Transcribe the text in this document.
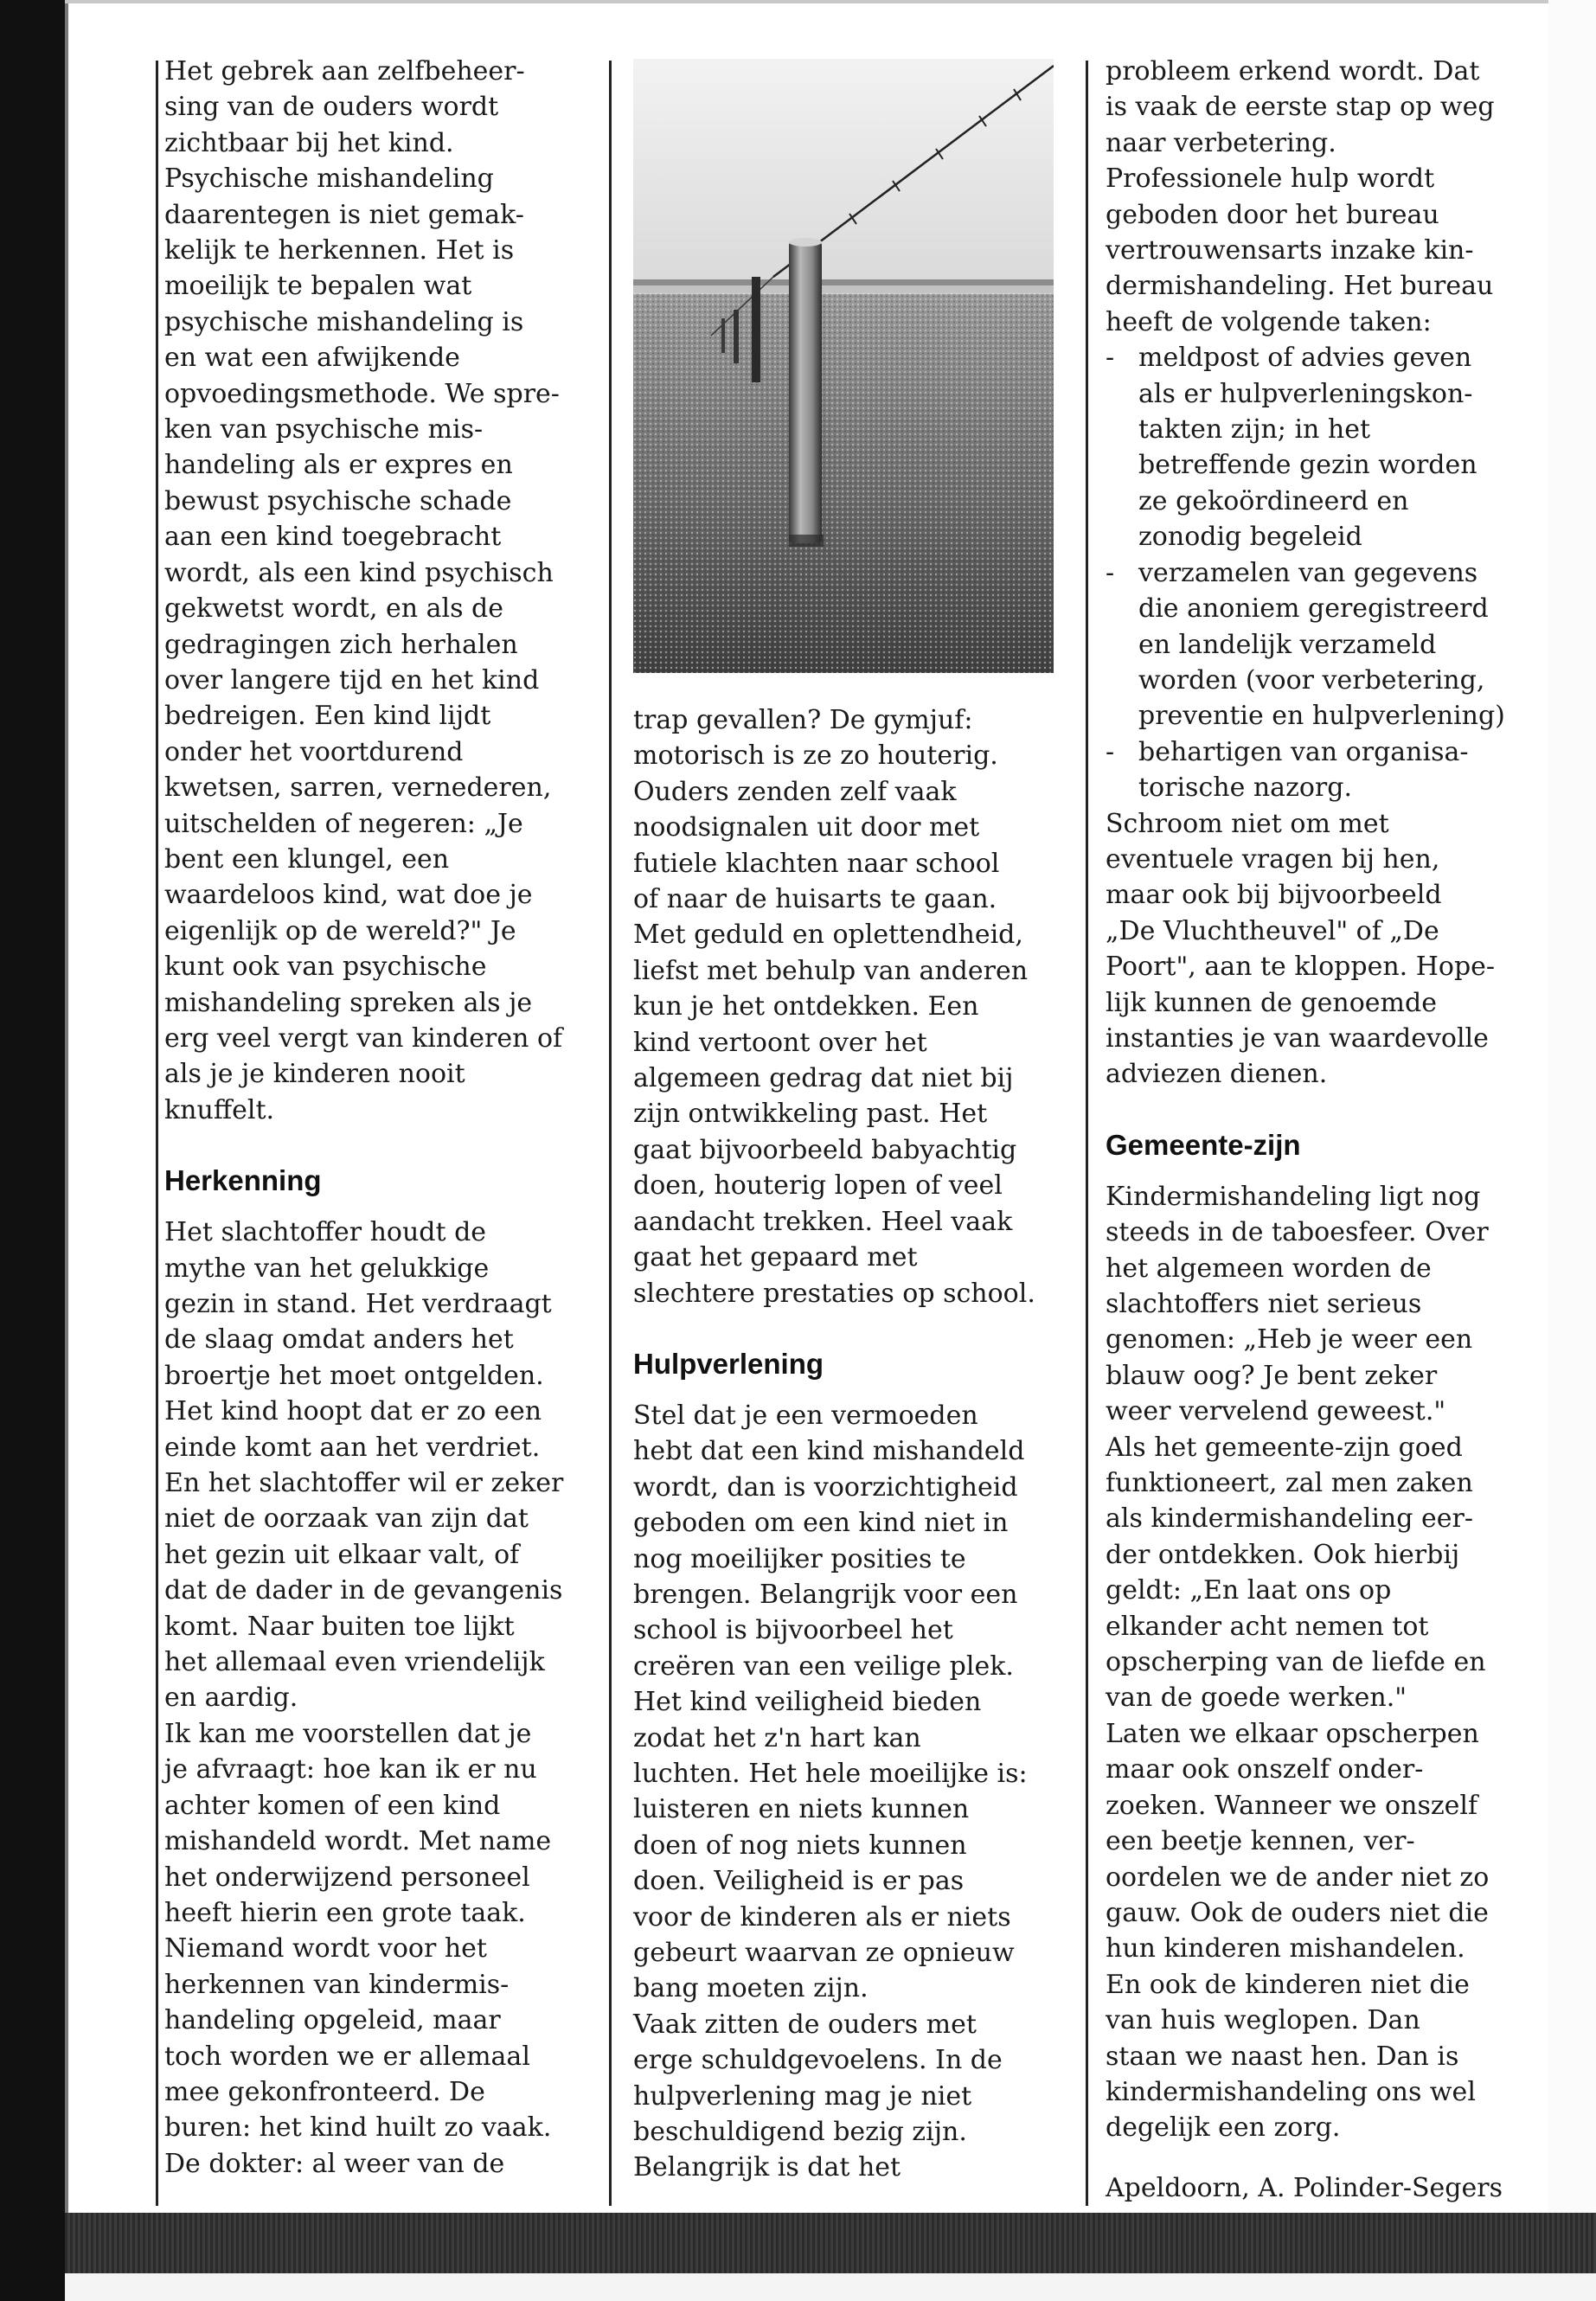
Het gebrek aan zelfbeheer-
sing van de ouders wordt
zichtbaar bij het kind.
Psychische mishandeling
daarentegen is niet gemak-
kelijk te herkennen. Het is
moeilijk te bepalen wat
psychische mishandeling is
en wat een afwijkende
opvoedingsmethode. We spre-
ken van psychische mis-
handeling als er expres en
bewust psychische schade
aan een kind toegebracht
wordt, als een kind psychisch
gekwetst wordt, en als de
gedragingen zich herhalen
over langere tijd en het kind
bedreigen. Een kind lijdt
onder het voortdurend
kwetsen, sarren, vernederen,
uitschelden of negeren: „Je
bent een klungel, een
waardeloos kind, wat doe je
eigenlijk op de wereld?" Je
kunt ook van psychische
mishandeling spreken als je
erg veel vergt van kinderen of
als je je kinderen nooit
knuffelt.

Herkenning

Het slachtoffer houdt de
mythe van het gelukkige
gezin in stand. Het verdraagt
de slaag omdat anders het
broertje het moet ontgelden.
Het kind hoopt dat er zo een
einde komt aan het verdriet.
En het slachtoffer wil er zeker
niet de oorzaak van zijn dat
het gezin uit elkaar valt, of
dat de dader in de gevangenis
komt. Naar buiten toe lijkt
het allemaal even vriendelijk
en aardig.

Ik kan me voorstellen dat je
je afvraagt: hoe kan ik er nu
achter komen of een kind
mishandeld wordt. Met name
het onderwijzend personeel
heeft hierin een grote taak.
Niemand wordt voor het
herkennen van kindermis-
handeling opgeleid, maar
toch worden we er allemaal
mee gekonfronteerd. De
buren: het kind huilt zo vaak.
De dokter: al weer van de

trap gevallen? De gymjuf:
motorisch is ze zo houterig.
Ouders zenden zelf vaak
noodsignalen uit door met
futiele klachten naar school
of naar de huisarts te gaan.
Met geduld en oplettendheid,
liefst met behulp van anderen
kun je het ontdekken. Een
kind vertoont over het
algemeen gedrag dat niet bij
zijn ontwikkeling past. Het
gaat bijvoorbeeld babyachtig
doen, houterig lopen of veel
aandacht trekken. Heel vaak
gaat het gepaard met
slechtere prestaties op school.

Hulpverlening

Stel dat je een vermoeden
hebt dat een kind mishandeld
wordt, dan is voorzichtigheid
geboden om een kind niet in
nog moeilijker posities te
brengen. Belangrijk voor een
school is bijvoorbeel het
creëren van een veilige plek.
Het kind veiligheid bieden
zodat het z'n hart kan
luchten. Het hele moeilijke is:
luisteren en niets kunnen
doen of nog niets kunnen
doen. Veiligheid is er pas
voor de kinderen als er niets
gebeurt waarvan ze opnieuw
bang moeten zijn.

Vaak zitten de ouders met
erge schuldgevoelens. In de
hulpverlening mag je niet
beschuldigend bezig zijn.
Belangrijk is dat het

probleem erkend wordt. Dat
is vaak de eerste stap op weg
naar verbetering.

Professionele hulp wordt
geboden door het bureau
vertrouwensarts inzake kin-
dermishandeling. Het bureau
heeft de volgende taken:

- meldpost of advies geven
als er hulpverleningskon-
takten zijn; in het
betreffende gezin worden
ze gekoördineerd en
zonodig begeleid
- verzamelen van gegevens
die anoniem geregistreerd
en landelijk verzameld
worden (voor verbetering,
preventie en hulpverlening)
- behartigen van organisa-
torische nazorg.

Schroom niet om met
eventuele vragen bij hen,
maar ook bij bijvoorbeeld
„De Vluchtheuvel" of „De
Poort", aan te kloppen. Hope-
lijk kunnen de genoemde
instanties je van waardevolle
adviezen dienen.

Gemeente-zijn

Kindermishandeling ligt nog
steeds in de taboesfeer. Over
het algemeen worden de
slachtoffers niet serieus
genomen: „Heb je weer een
blauw oog? Je bent zeker
weer vervelend geweest."

Als het gemeente-zijn goed
funktioneert, zal men zaken
als kindermishandeling eer-
der ontdekken. Ook hierbij
geldt: „En laat ons op
elkander acht nemen tot
opscherping van de liefde en
van de goede werken."

Laten we elkaar opscherpen
maar ook onszelf onder-
zoeken. Wanneer we onszelf
een beetje kennen, ver-
oordelen we de ander niet zo
gauw. Ook de ouders niet die
hun kinderen mishandelen.
En ook de kinderen niet die
van huis weglopen. Dan
staan we naast hen. Dan is
kindermishandeling ons wel
degelijk een zorg.

Apeldoorn, A. Polinder-Segers
